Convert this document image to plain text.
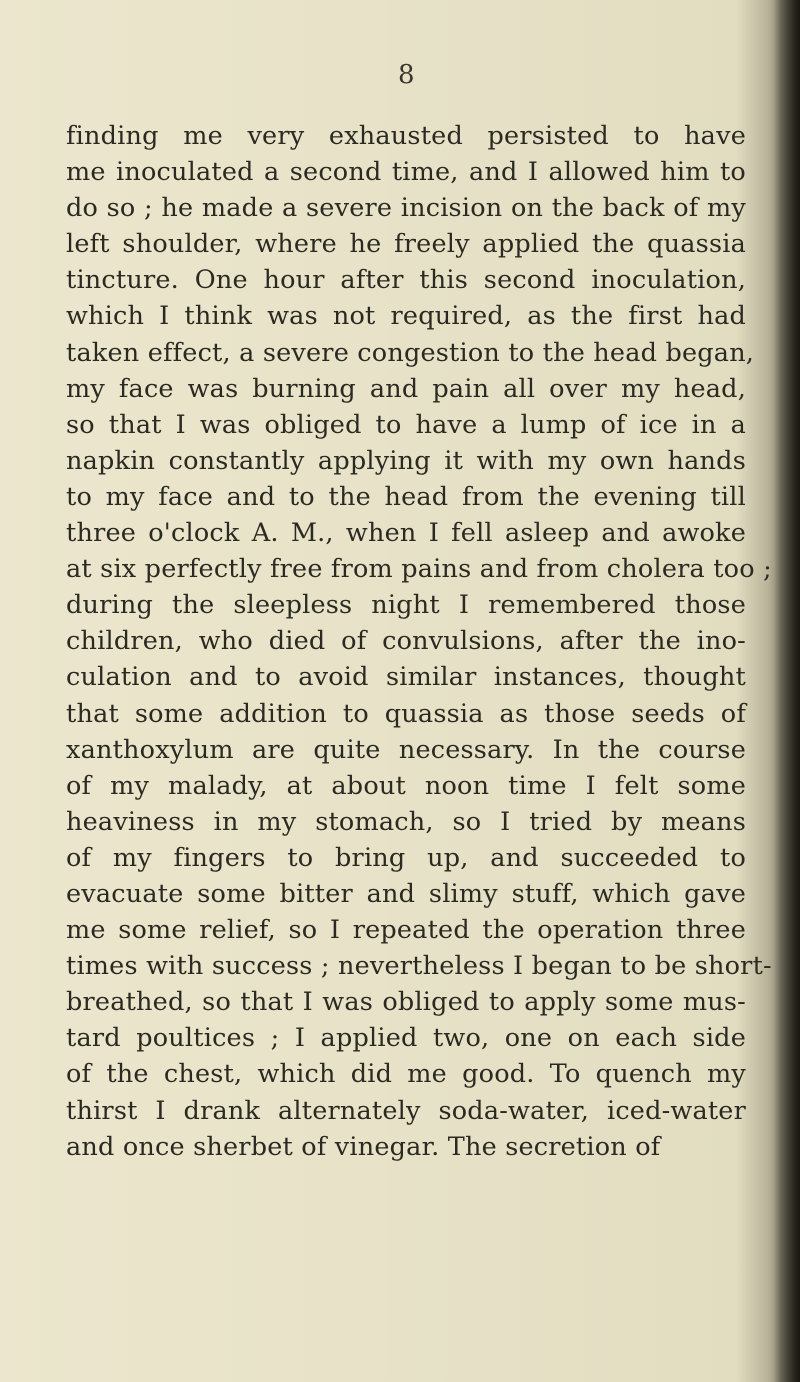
8
finding me very exhausted persisted to have
me inoculated a second time, and I allowed him to
do so ; he made a severe incision on the back of my
left shoulder, where he freely applied the quassia
tincture. One hour after this second inoculation,
which I think was not required, as the first had
taken effect, a severe congestion to the head began,
my face was burning and pain all over my head,
so that I was obliged to have a lump of ice in a
napkin constantly applying it with my own hands
to my face and to the head from the evening till
three o'clock A. M., when I fell asleep and awoke
at six perfectly free from pains and from cholera too ;
during the sleepless night I remembered those
children, who died of convulsions, after the ino-
culation and to avoid similar instances, thought
that some addition to quassia as those seeds of
xanthoxylum are quite necessary. In the course
of my malady, at about noon time I felt some
heaviness in my stomach, so I tried by means
of my fingers to bring up, and succeeded to
evacuate some bitter and slimy stuff, which gave
me some relief, so I repeated the operation three
times with success ; nevertheless I began to be short-
breathed, so that I was obliged to apply some mus-
tard poultices ; I applied two, one on each side
of the chest, which did me good. To quench my
thirst I drank alternately soda-water, iced-water
and once sherbet of vinegar. The secretion of
